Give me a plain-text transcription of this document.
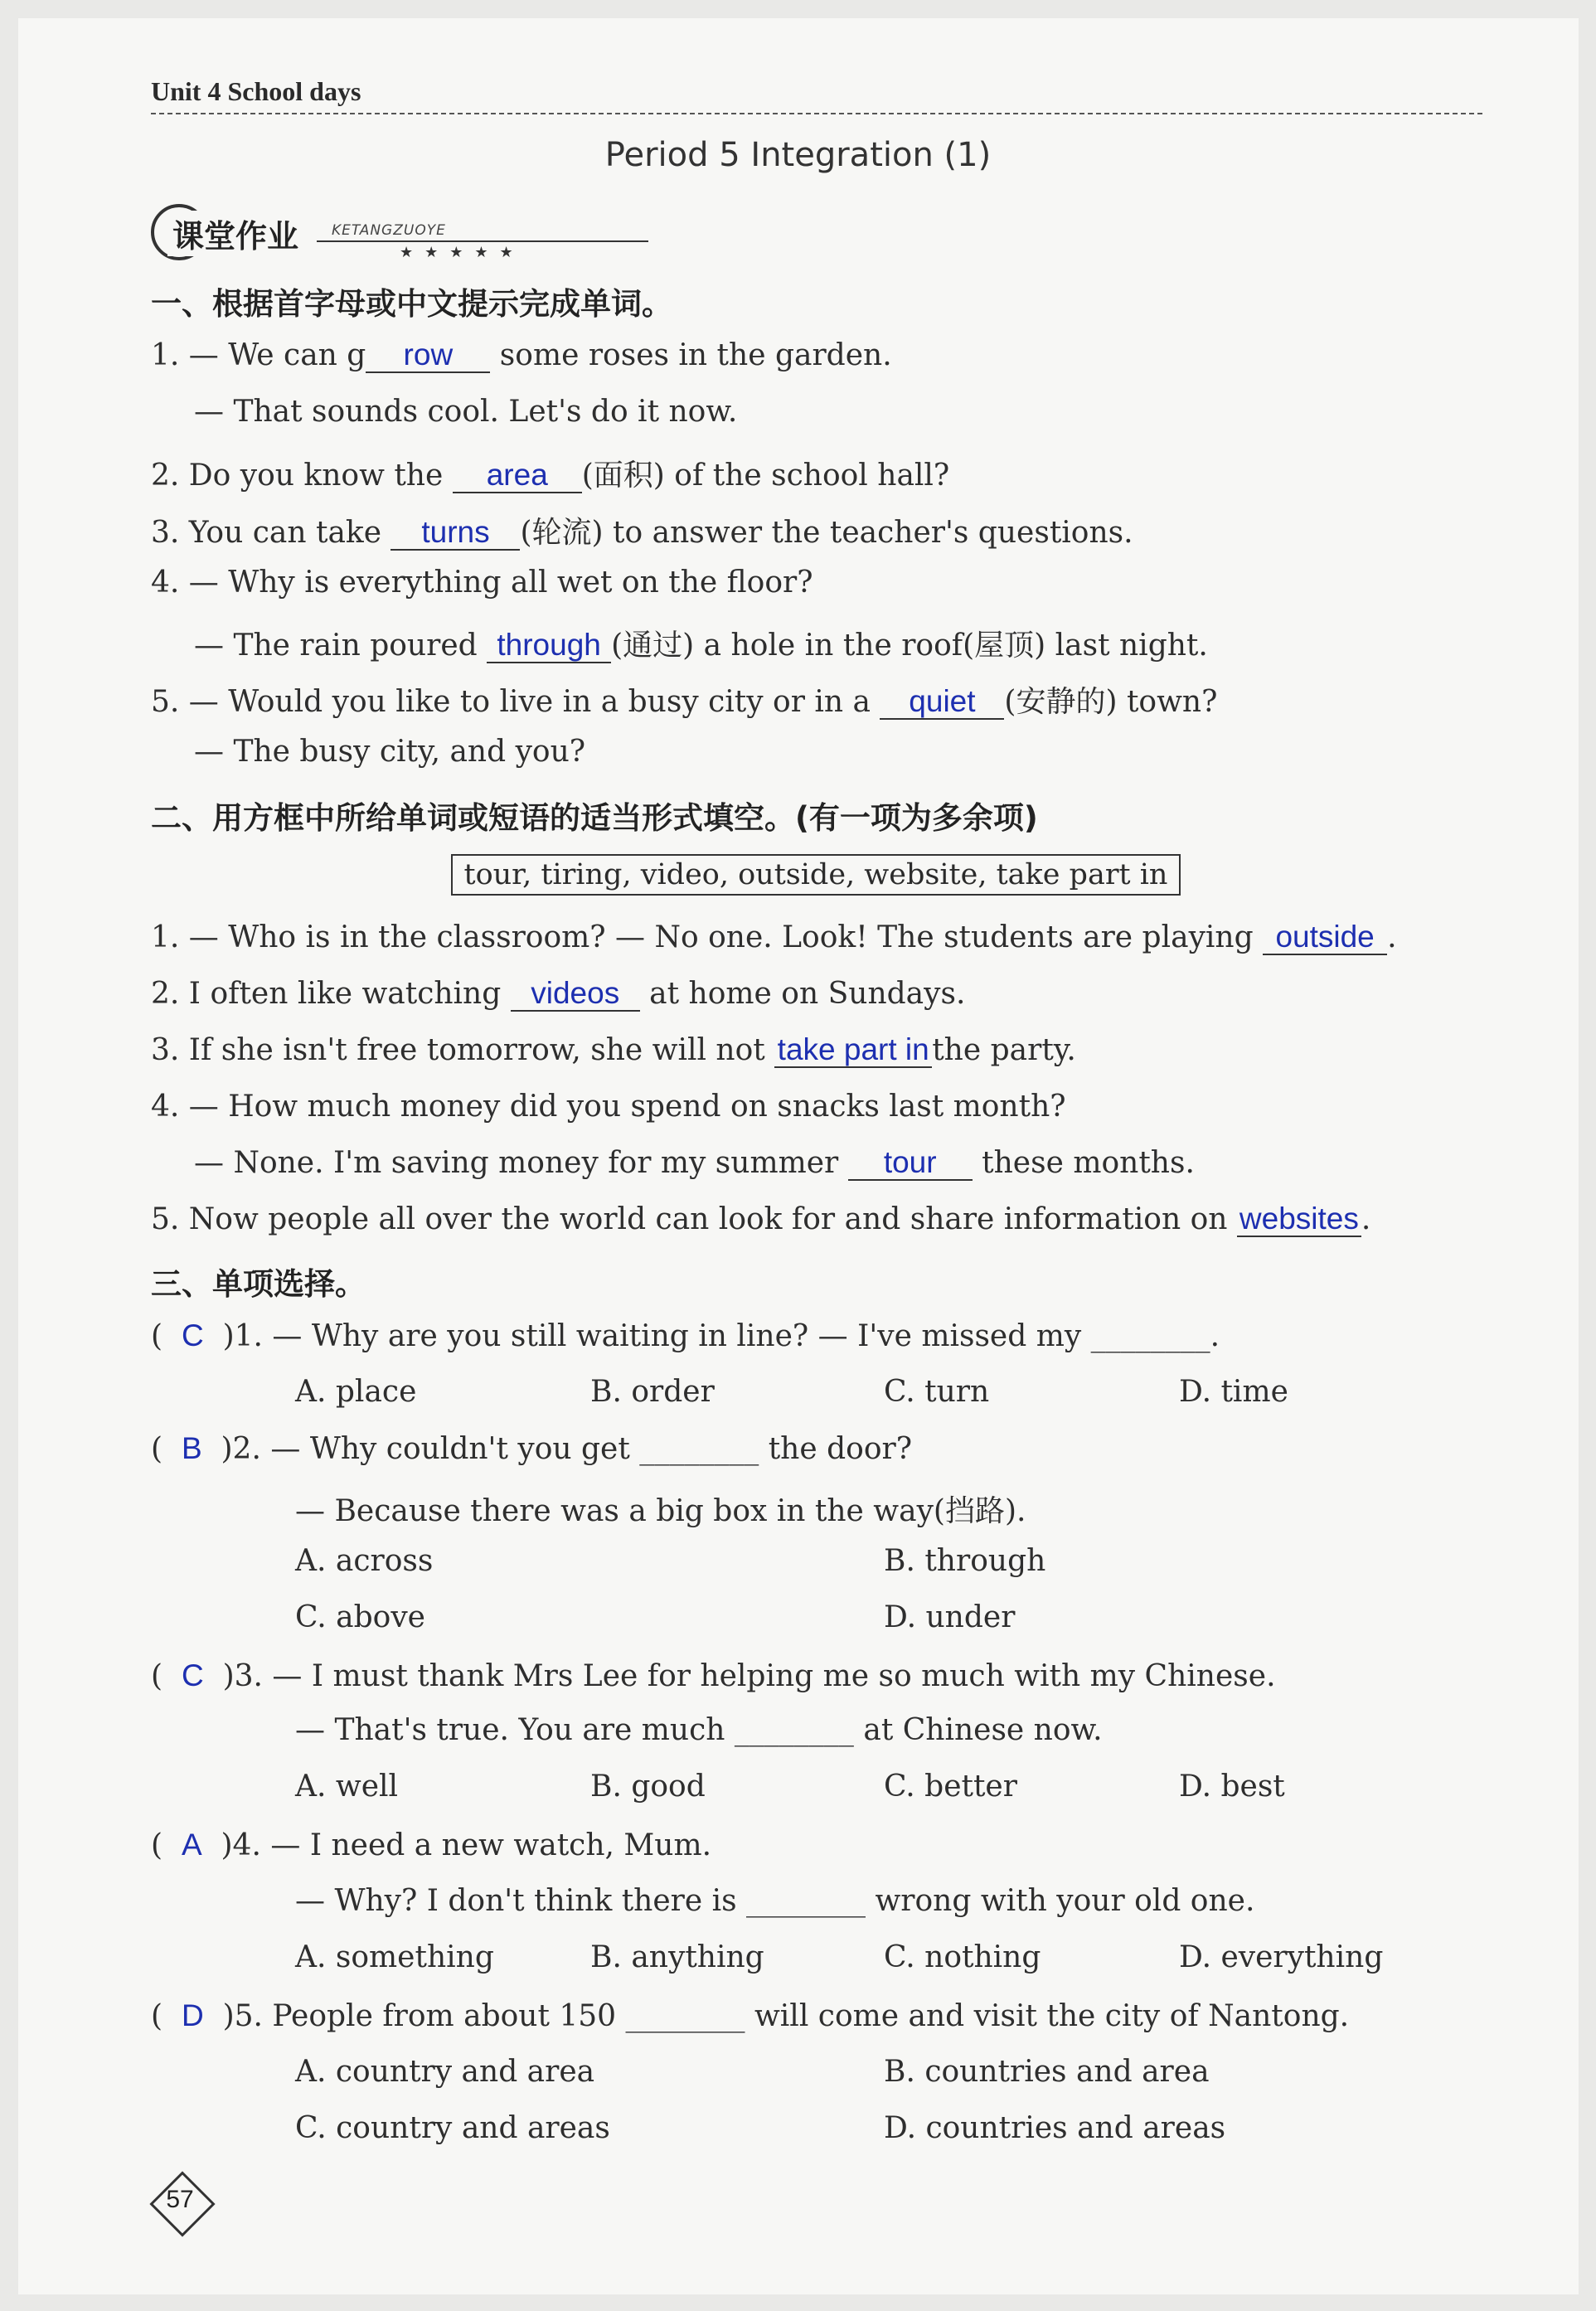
Unit 4 School days
Period 5 Integration (1)
课堂作业	KETANGZUOYE
★★★★★
一、根据首字母或中文提示完成单词。
1. — We can g row some roses in the garden.
— That sounds cool. Let's do it now.
2. Do you know the area (面积) of the school hall?
3. You can take turns (轮流) to answer the teacher's questions.
4. — Why is everything all wet on the floor?
— The rain poured through (通过) a hole in the roof(屋顶) last night.
5. — Would you like to live in a busy city or in a quiet (安静的) town?
— The busy city, and you?
二、用方框中所给单词或短语的适当形式填空。(有一项为多余项)
tour, tiring, video, outside, website, take part in
1. — Who is in the classroom? — No one. Look! The students are playing outside .
2. I often like watching videos at home on Sundays.
3. If she isn't free tomorrow, she will not take part inthe party.
4. — How much money did you spend on snacks last month?
— None. I'm saving money for my summer tour these months.
5. Now people all over the world can look for and share information on websites.
三、单项选择。
(  C )1. — Why are you still waiting in line? — I've missed my ________.
A. place	B. order	C. turn	D. time
(  B )2. — Why couldn't you get ________ the door?
— Because there was a big box in the way(挡路).
A. across	B. through
C. above	D. under
(  C )3. — I must thank Mrs Lee for helping me so much with my Chinese.
— That's true. You are much ________ at Chinese now.
A. well	B. good	C. better	D. best
(  A )4. — I need a new watch, Mum.
— Why? I don't think there is ________ wrong with your old one.
A. something	B. anything	C. nothing	D. everything
(  D )5. People from about 150 ________ will come and visit the city of Nantong.
A. country and area	B. countries and area
C. country and areas	D. countries and areas
57
